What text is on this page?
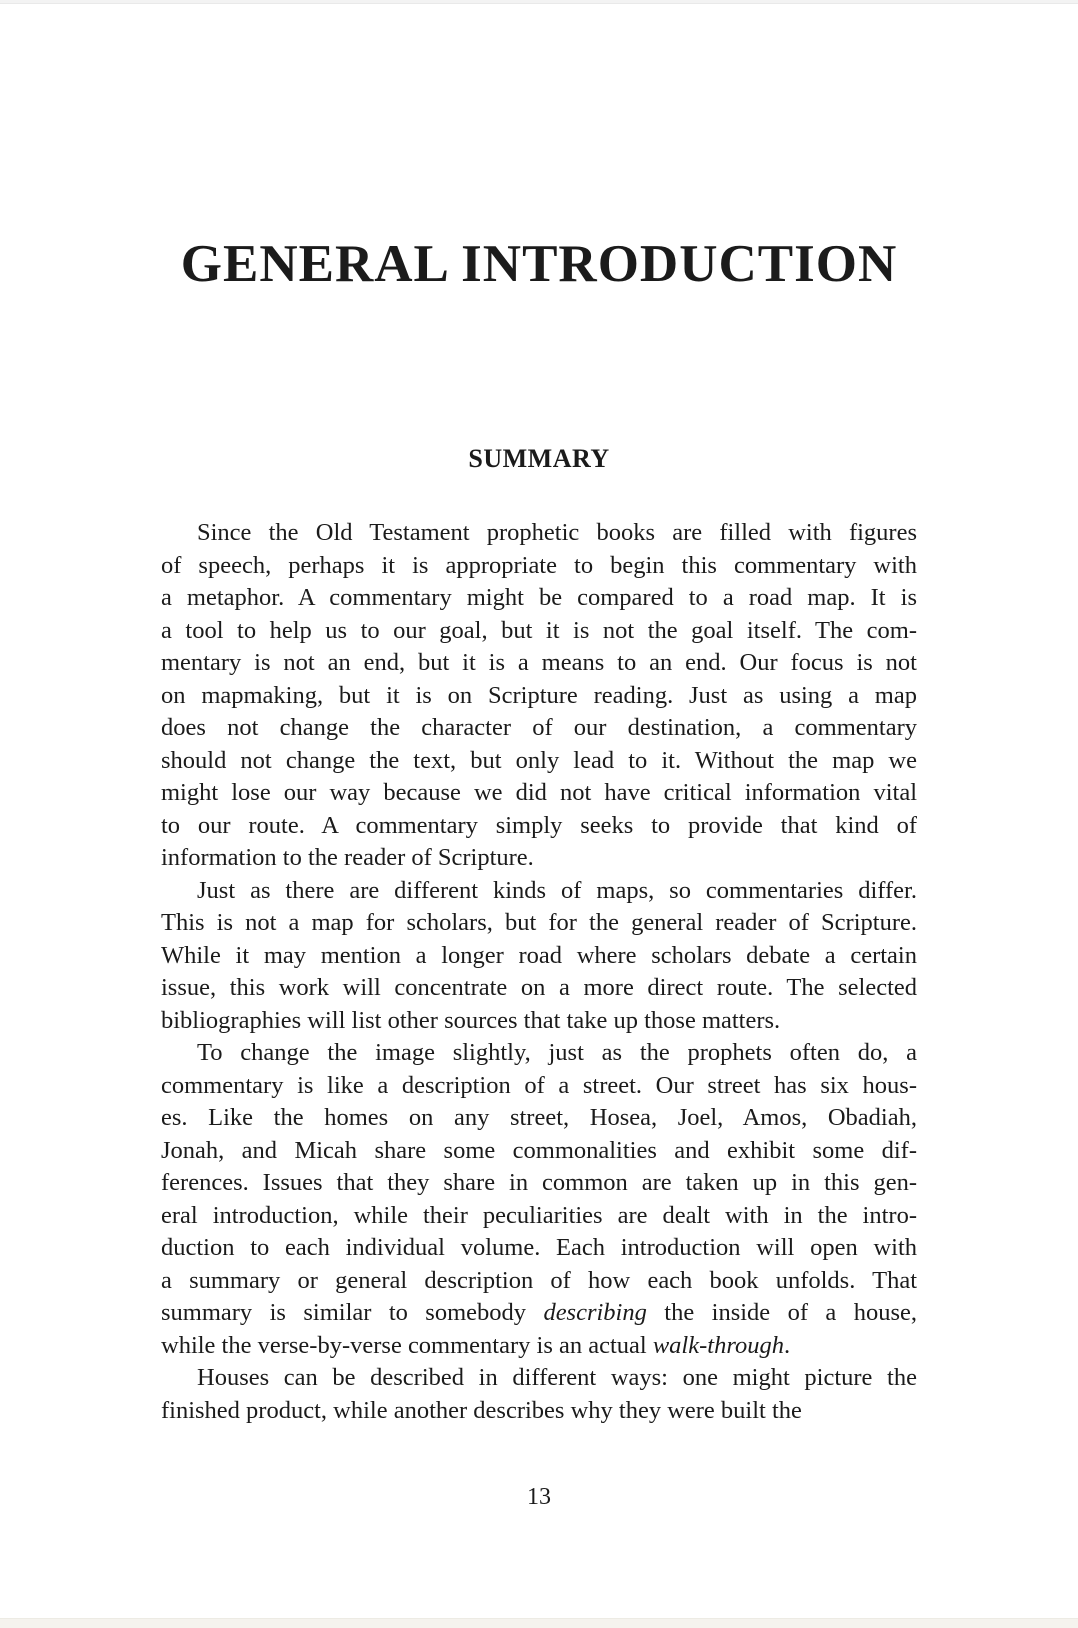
GENERAL INTRODUCTION
SUMMARY
Since the Old Testament prophetic books are filled with figures
of speech, perhaps it is appropriate to begin this commentary with
a metaphor. A commentary might be compared to a road map. It is
a tool to help us to our goal, but it is not the goal itself. The com-
mentary is not an end, but it is a means to an end. Our focus is not
on mapmaking, but it is on Scripture reading. Just as using a map
does not change the character of our destination, a commentary
should not change the text, but only lead to it. Without the map we
might lose our way because we did not have critical information vital
to our route. A commentary simply seeks to provide that kind of
information to the reader of Scripture.
Just as there are different kinds of maps, so commentaries differ.
This is not a map for scholars, but for the general reader of Scripture.
While it may mention a longer road where scholars debate a certain
issue, this work will concentrate on a more direct route. The selected
bibliographies will list other sources that take up those matters.
To change the image slightly, just as the prophets often do, a
commentary is like a description of a street. Our street has six hous-
es. Like the homes on any street, Hosea, Joel, Amos, Obadiah,
Jonah, and Micah share some commonalities and exhibit some dif-
ferences. Issues that they share in common are taken up in this gen-
eral introduction, while their peculiarities are dealt with in the intro-
duction to each individual volume. Each introduction will open with
a summary or general description of how each book unfolds. That
summary is similar to somebody describing the inside of a house,
while the verse-by-verse commentary is an actual walk-through.
Houses can be described in different ways: one might picture the
finished product, while another describes why they were built the
13
